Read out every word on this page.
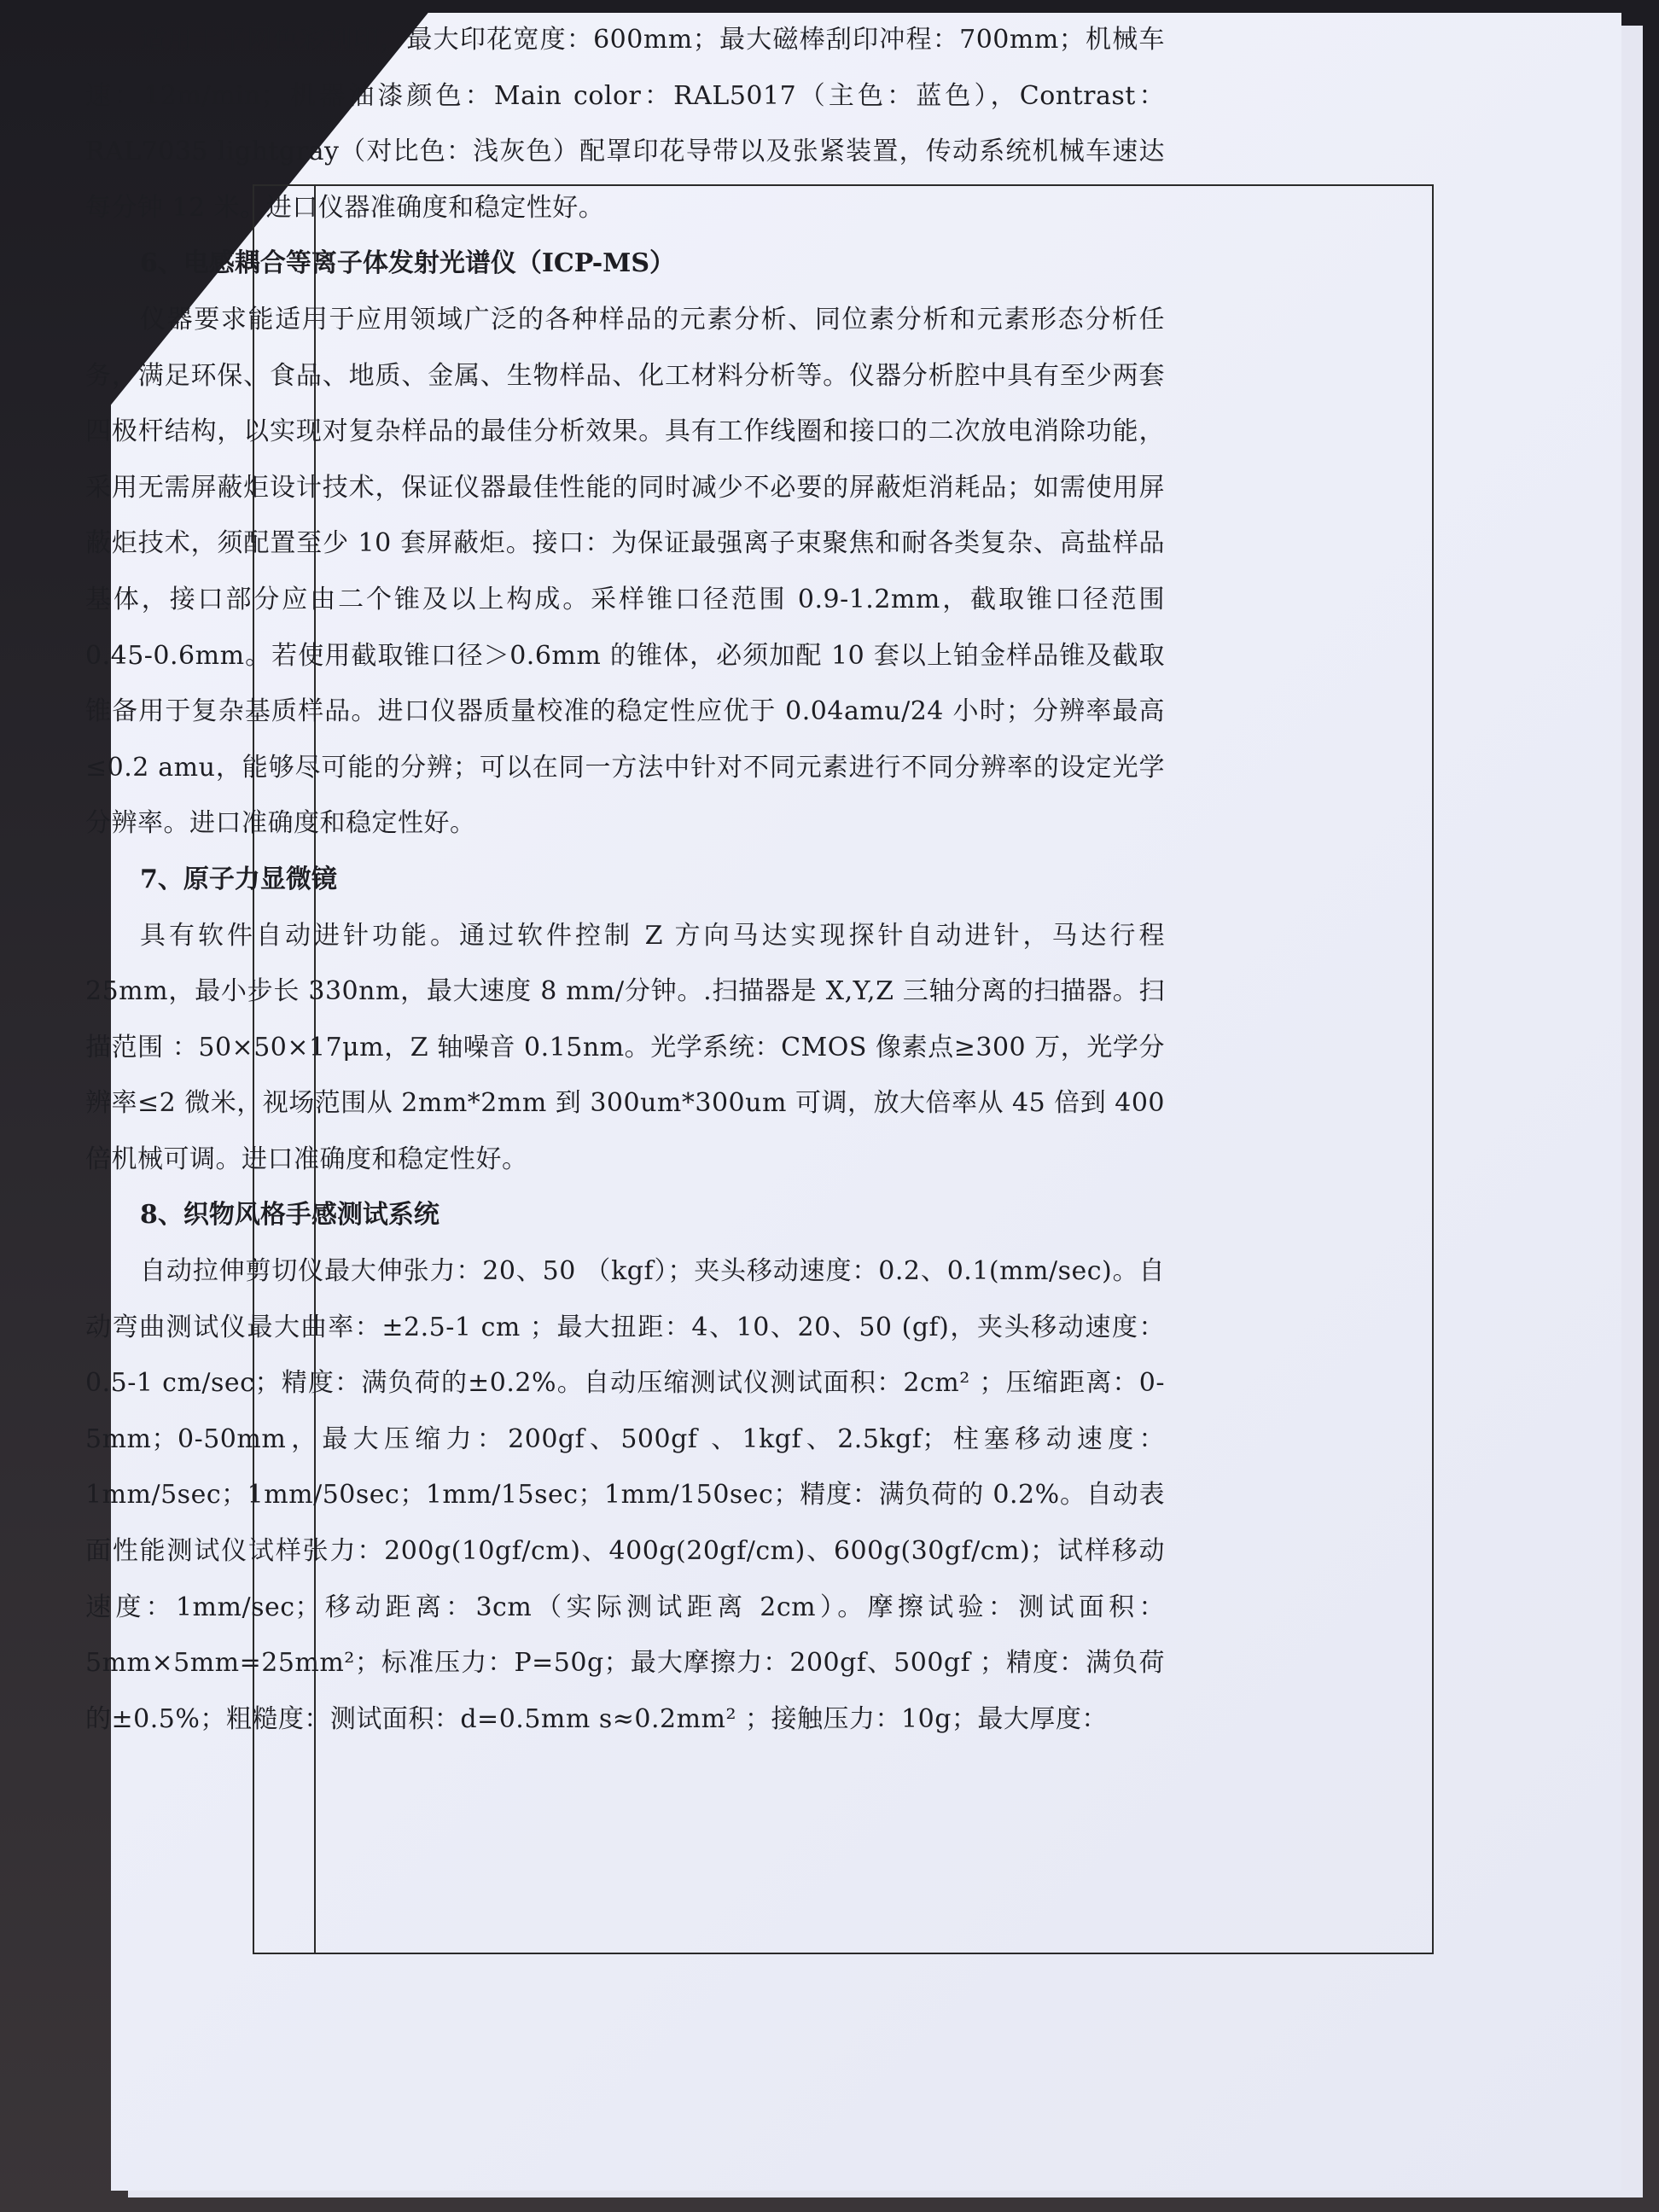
适用于平网色彩刮印，最大印花宽度：600mm；最大磁棒刮印冲程：700mm；机械车速：12m/min；机器油漆颜色：Main color：RAL5017（主色：蓝色），Contrast：RAL7035 lightgray（对比色：浅灰色）配罩印花导带以及张紧装置，传动系统机械车速达每分钟 12 米。进口仪器准确度和稳定性好。

6、电感耦合等离子体发射光谱仪（ICP-MS）

仪器要求能适用于应用领域广泛的各种样品的元素分析、同位素分析和元素形态分析任务，满足环保、食品、地质、金属、生物样品、化工材料分析等。仪器分析腔中具有至少两套四极杆结构，以实现对复杂样品的最佳分析效果。具有工作线圈和接口的二次放电消除功能，采用无需屏蔽炬设计技术，保证仪器最佳性能的同时减少不必要的屏蔽炬消耗品；如需使用屏蔽炬技术，须配置至少 10 套屏蔽炬。接口：为保证最强离子束聚焦和耐各类复杂、高盐样品基体，接口部分应由二个锥及以上构成。采样锥口径范围 0.9-1.2mm，截取锥口径范围 0.45-0.6mm。若使用截取锥口径＞0.6mm 的锥体，必须加配 10 套以上铂金样品锥及截取锥备用于复杂基质样品。进口仪器质量校准的稳定性应优于 0.04amu/24 小时；分辨率最高≤0.2 amu，能够尽可能的分辨；可以在同一方法中针对不同元素进行不同分辨率的设定光学分辨率。进口准确度和稳定性好。

7、原子力显微镜

具有软件自动进针功能。通过软件控制 Z 方向马达实现探针自动进针，马达行程 25mm，最小步长 330nm，最大速度 8 mm/分钟。.扫描器是 X,Y,Z 三轴分离的扫描器。扫描范围 ：50×50×17μm，Z 轴噪音 0.15nm。光学系统：CMOS 像素点≥300 万，光学分辨率≤2 微米，视场范围从 2mm*2mm 到 300um*300um 可调，放大倍率从 45 倍到 400 倍机械可调。进口准确度和稳定性好。

8、织物风格手感测试系统

自动拉伸剪切仪最大伸张力：20、50 （kgf）；夹头移动速度：0.2、0.1(mm/sec)。自动弯曲测试仪最大曲率：±2.5-1 cm ；最大扭距：4、10、20、50 (gf)，夹头移动速度：0.5-1 cm/sec；精度：满负荷的±0.2%。自动压缩测试仪测试面积：2cm² ；压缩距离：0-5mm；0-50mm，最大压缩力：200gf、500gf 、1kgf、2.5kgf；柱塞移动速度：1mm/5sec；1mm/50sec；1mm/15sec；1mm/150sec；精度：满负荷的 0.2%。自动表面性能测试仪试样张力：200g(10gf/cm)、400g(20gf/cm)、600g(30gf/cm)；试样移动速度：1mm/sec；移动距离：3cm（实际测试距离 2cm）。摩擦试验：测试面积：5mm×5mm=25mm²；标准压力：P=50g；最大摩擦力：200gf、500gf ；精度：满负荷的±0.5%；粗糙度：测试面积：d=0.5mm s≈0.2mm² ；接触压力：10g；最大厚度：
